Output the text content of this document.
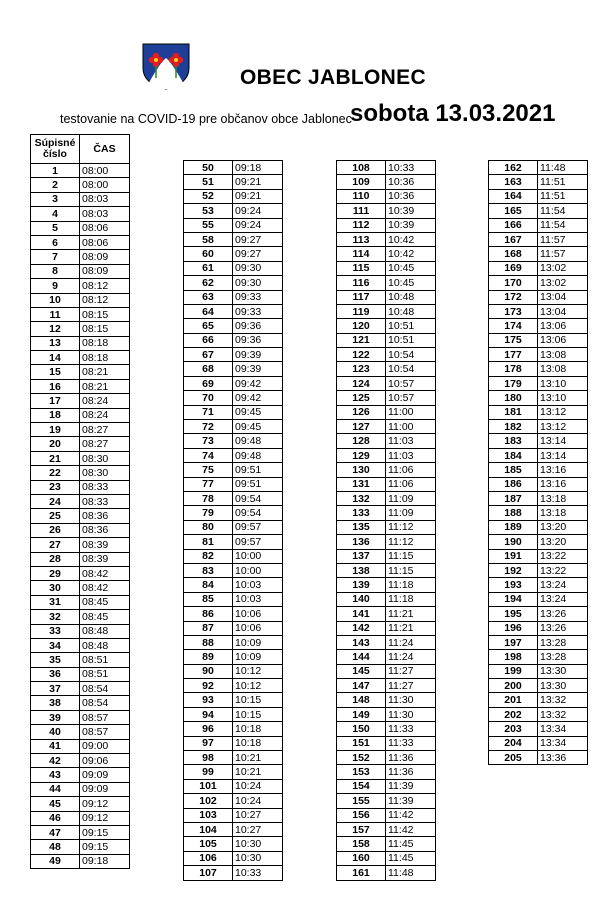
OBEC JABLONEC
testovanie na COVID-19 pre občanov obce Jablonec
sobota 13.03.2021
Súpisné číslo	ČAS
1	08:00
2	08:00
3	08:03
4	08:03
5	08:06
6	08:06
7	08:09
8	08:09
9	08:12
10	08:12
11	08:15
12	08:15
13	08:18
14	08:18
15	08:21
16	08:21
17	08:24
18	08:24
19	08:27
20	08:27
21	08:30
22	08:30
23	08:33
24	08:33
25	08:36
26	08:36
27	08:39
28	08:39
29	08:42
30	08:42
31	08:45
32	08:45
33	08:48
34	08:48
35	08:51
36	08:51
37	08:54
38	08:54
39	08:57
40	08:57
41	09:00
42	09:06
43	09:09
44	09:09
45	09:12
46	09:12
47	09:15
48	09:15
49	09:18

50	09:18
51	09:21
52	09:21
53	09:24
55	09:24
58	09:27
60	09:27
61	09:30
62	09:30
63	09:33
64	09:33
65	09:36
66	09:36
67	09:39
68	09:39
69	09:42
70	09:42
71	09:45
72	09:45
73	09:48
74	09:48
75	09:51
77	09:51
78	09:54
79	09:54
80	09:57
81	09:57
82	10:00
83	10:00
84	10:03
85	10:03
86	10:06
87	10:06
88	10:09
89	10:09
90	10:12
92	10:12
93	10:15
94	10:15
96	10:18
97	10:18
98	10:21
99	10:21
101	10:24
102	10:24
103	10:27
104	10:27
105	10:30
106	10:30
107	10:33

108	10:33
109	10:36
110	10:36
111	10:39
112	10:39
113	10:42
114	10:42
115	10:45
116	10:45
117	10:48
119	10:48
120	10:51
121	10:51
122	10:54
123	10:54
124	10:57
125	10:57
126	11:00
127	11:00
128	11:03
129	11:03
130	11:06
131	11:06
132	11:09
133	11:09
135	11:12
136	11:12
137	11:15
138	11:15
139	11:18
140	11:18
141	11:21
142	11:21
143	11:24
144	11:24
145	11:27
147	11:27
148	11:30
149	11:30
150	11:33
151	11:33
152	11:36
153	11:36
154	11:39
155	11:39
156	11:42
157	11:42
158	11:45
160	11:45
161	11:48

162	11:48
163	11:51
164	11:51
165	11:54
166	11:54
167	11:57
168	11:57
169	13:02
170	13:02
172	13:04
173	13:04
174	13:06
175	13:06
177	13:08
178	13:08
179	13:10
180	13:10
181	13:12
182	13:12
183	13:14
184	13:14
185	13:16
186	13:16
187	13:18
188	13:18
189	13:20
190	13:20
191	13:22
192	13:22
193	13:24
194	13:24
195	13:26
196	13:26
197	13:28
198	13:28
199	13:30
200	13:30
201	13:32
202	13:32
203	13:34
204	13:34
205	13:36
